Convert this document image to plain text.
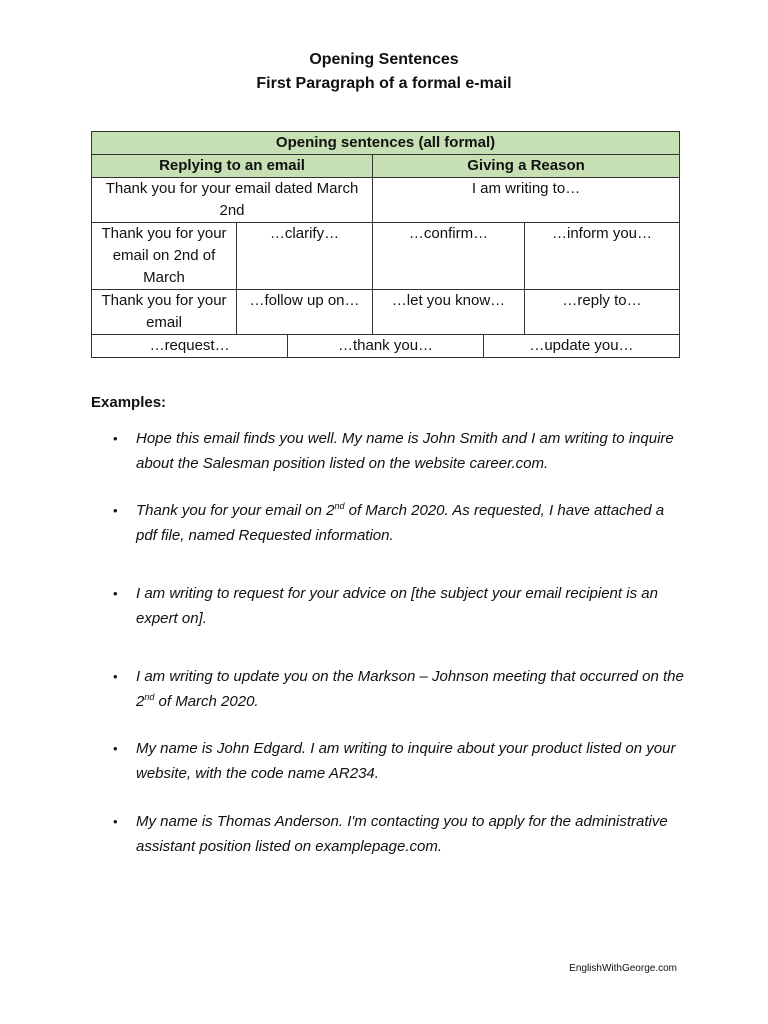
Opening Sentences
First Paragraph of a formal e-mail
Opening sentences (all formal)
Replying to an email	Giving a Reason
Thank you for your email dated March 2nd	I am writing to…
Thank you for your email on 2nd of March	…clarify…	…confirm…	…inform you…
Thank you for your email	…follow up on…	…let you know…	…reply to…

…request…	…thank you…	…update you…
Examples:
• Hope this email finds you well. My name is John Smith and I am writing to inquire about the Salesman position listed on the website career.com.
• Thank you for your email on 2nd of March 2020. As requested, I have attached a pdf file, named Requested information.
• I am writing to request for your advice on [the subject your email recipient is an expert on].
• I am writing to update you on the Markson – Johnson meeting that occurred on the 2nd of March 2020.
• My name is John Edgard. I am writing to inquire about your product listed on your website, with the code name AR234.
• My name is Thomas Anderson. I'm contacting you to apply for the administrative assistant position listed on examplepage.com.
EnglishWithGeorge.com
